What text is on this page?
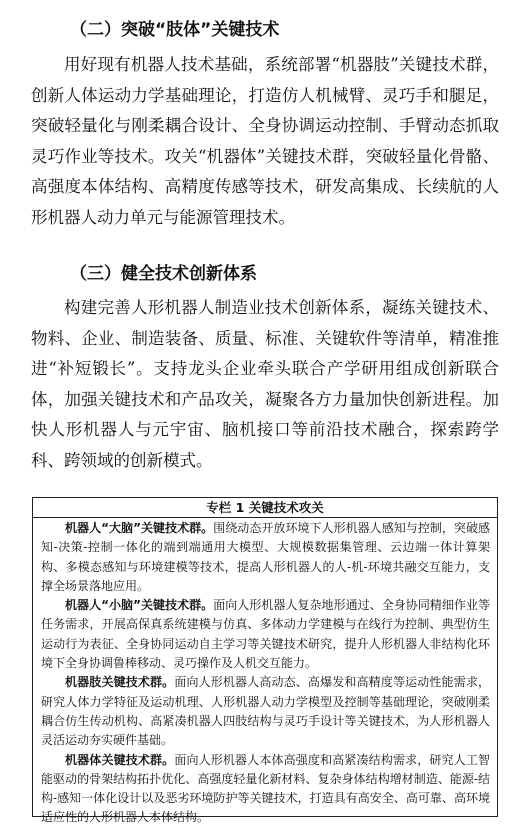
（二）突破“肢体”关键技术

用好现有机器人技术基础，系统部署“机器肢”关键技术群，创新人体运动力学基础理论，打造仿人机械臂、灵巧手和腿足，突破轻量化与刚柔耦合设计、全身协调运动控制、手臂动态抓取灵巧作业等技术。攻关“机器体”关键技术群，突破轻量化骨骼、高强度本体结构、高精度传感等技术，研发高集成、长续航的人形机器人动力单元与能源管理技术。

（三）健全技术创新体系

构建完善人形机器人制造业技术创新体系，凝练关键技术、物料、企业、制造装备、质量、标准、关键软件等清单，精准推进“补短锻长”。支持龙头企业牵头联合产学研用组成创新联合体，加强关键技术和产品攻关，凝聚各方力量加快创新进程。加快人形机器人与元宇宙、脑机接口等前沿技术融合，探索跨学科、跨领域的创新模式。

专栏 1 关键技术攻关

机器人“大脑”关键技术群。围绕动态开放环境下人形机器人感知与控制，突破感知-决策-控制一体化的端到端通用大模型、大规模数据集管理、云边端一体计算架构、多模态感知与环境建模等技术，提高人形机器人的人-机-环境共融交互能力，支撑全场景落地应用。

机器人“小脑”关键技术群。面向人形机器人复杂地形通过、全身协同精细作业等任务需求，开展高保真系统建模与仿真、多体动力学建模与在线行为控制、典型仿生运动行为表征、全身协同运动自主学习等关键技术研究，提升人形机器人非结构化环境下全身协调鲁棒移动、灵巧操作及人机交互能力。

机器肢关键技术群。面向人形机器人高动态、高爆发和高精度等运动性能需求，研究人体力学特征及运动机理、人形机器人动力学模型及控制等基础理论，突破刚柔耦合仿生传动机构、高紧凑机器人四肢结构与灵巧手设计等关键技术，为人形机器人灵活运动夯实硬件基础。

机器体关键技术群。面向人形机器人本体高强度和高紧凑结构需求，研究人工智能驱动的骨架结构拓扑优化、高强度轻量化新材料、复杂身体结构增材制造、能源-结构-感知一体化设计以及恶劣环境防护等关键技术，打造具有高安全、高可靠、高环境适应性的人形机器人本体结构。
